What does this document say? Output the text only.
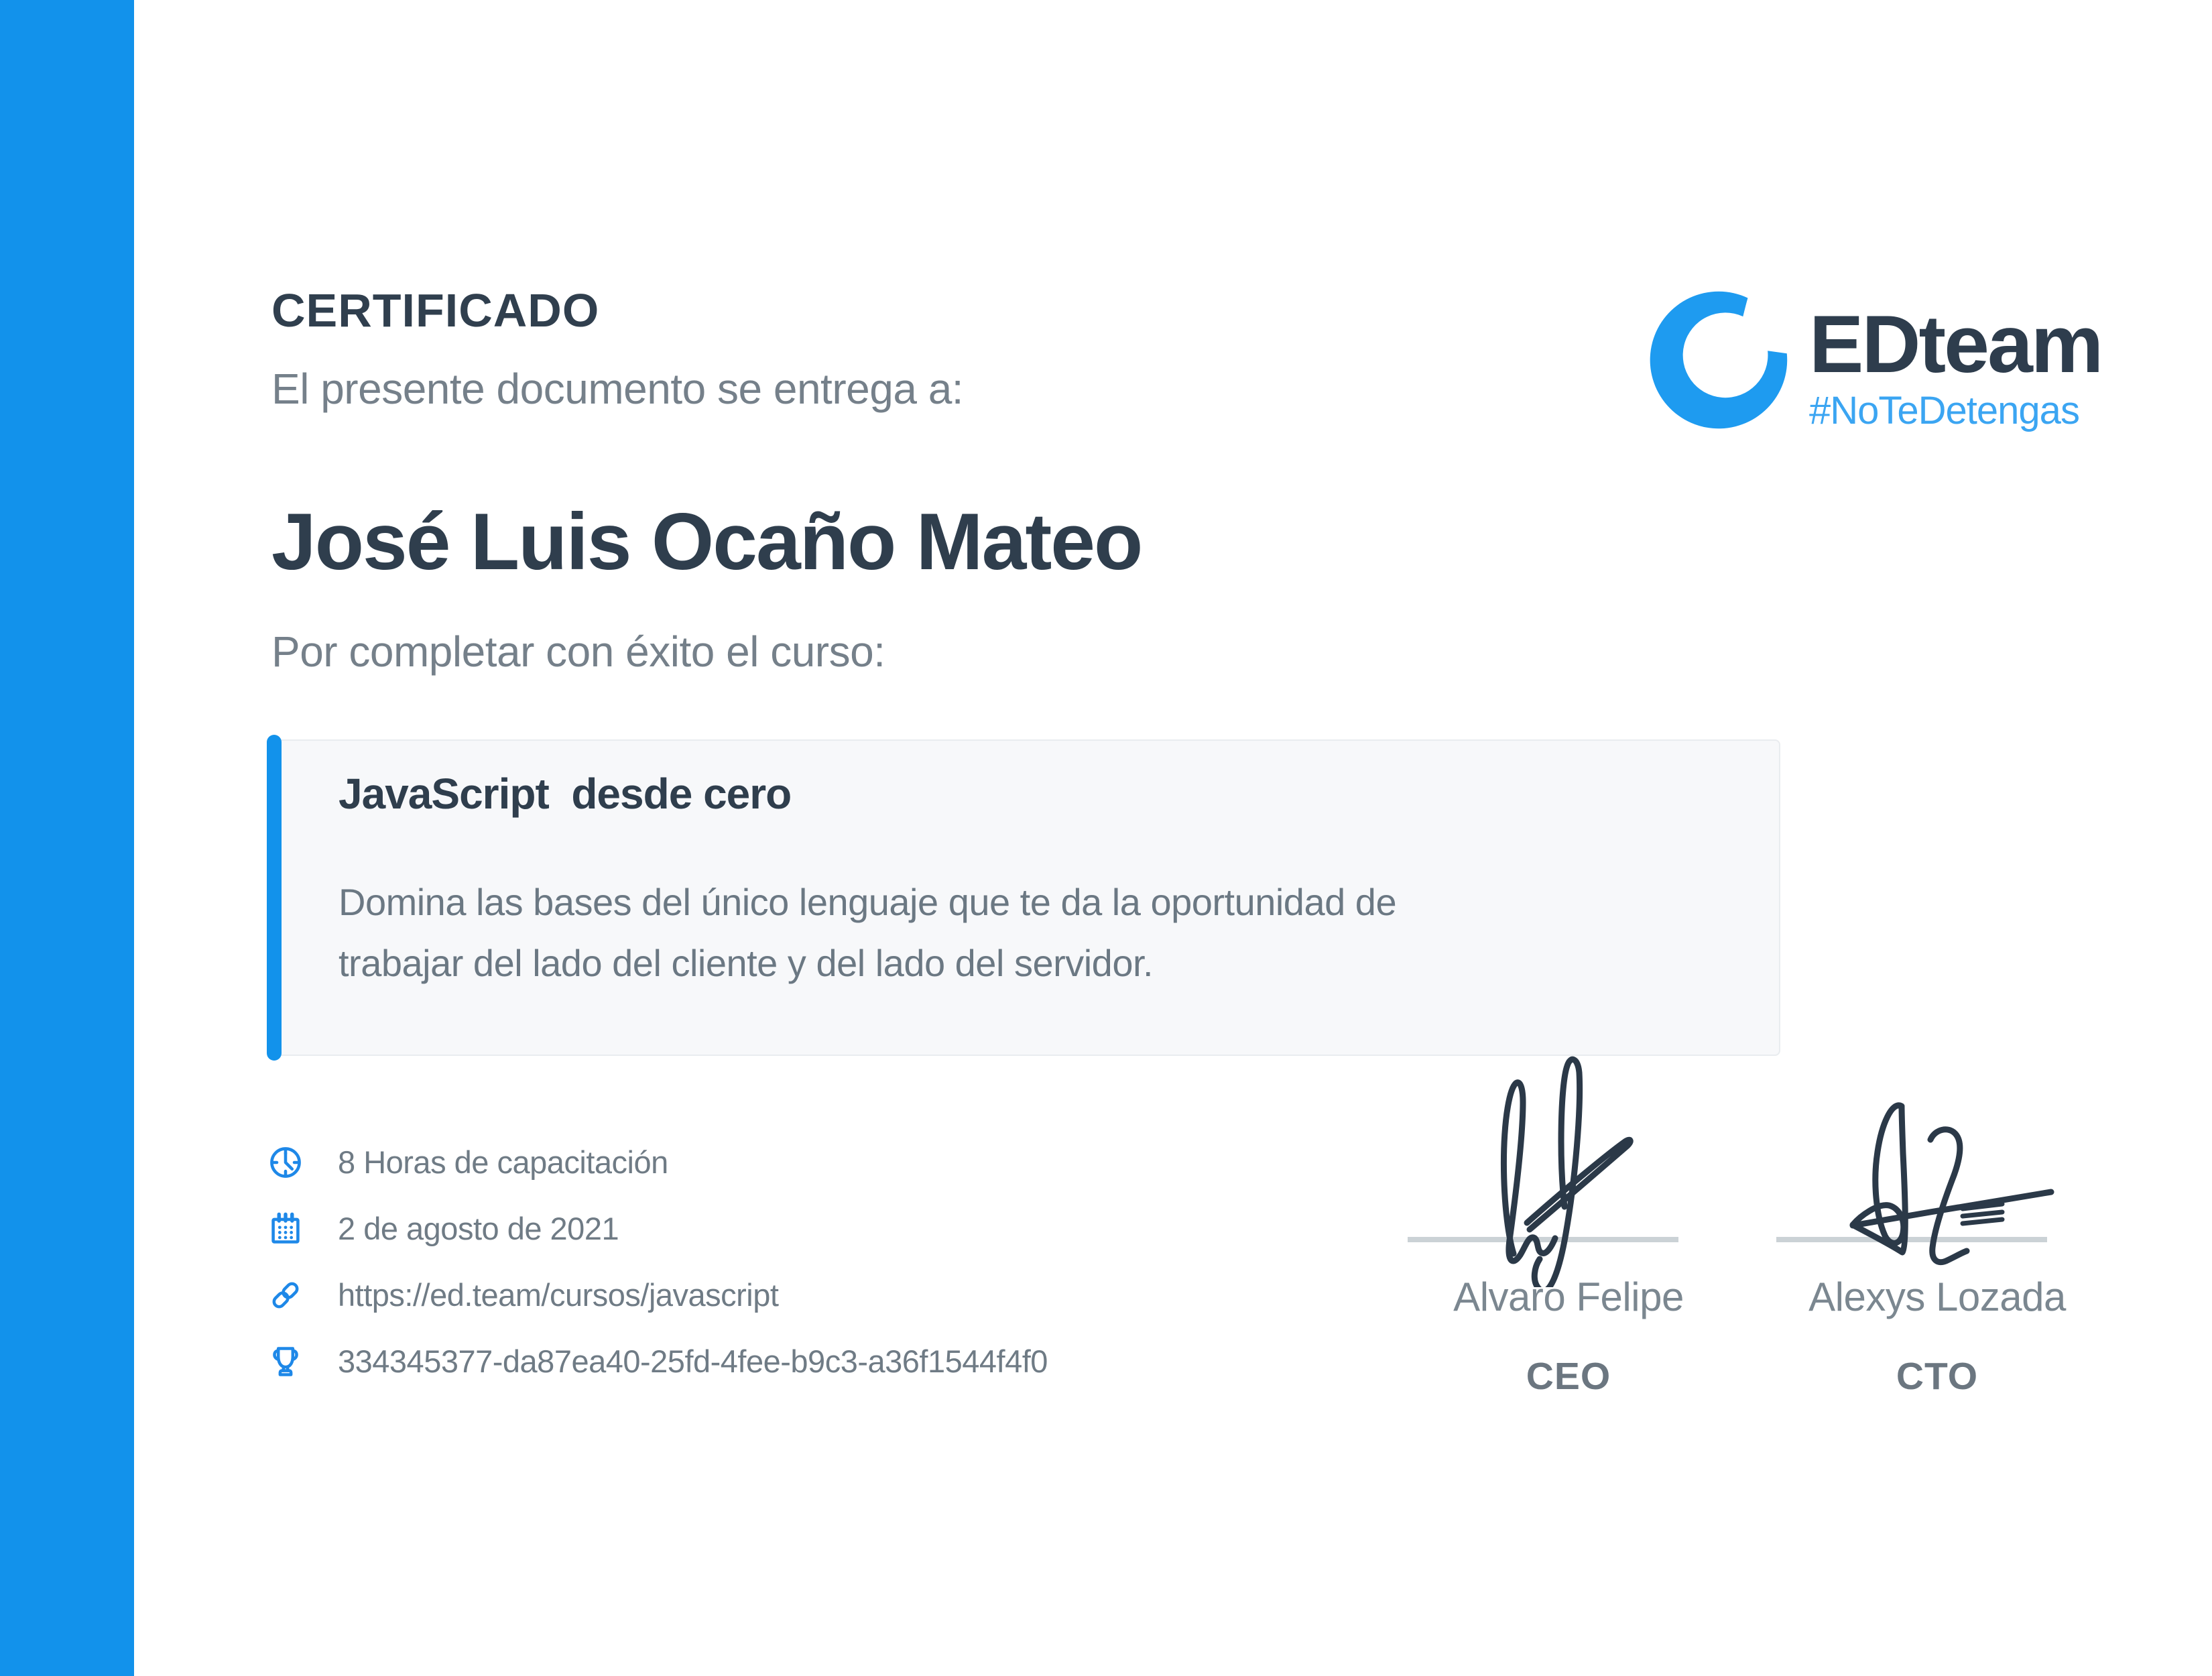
CERTIFICADO
El presente documento se entrega a:	EDteam
#NoTeDetengas
José Luis Ocaño Mateo
Por completar con éxito el curso:
JavaScript  desde cero
Domina las bases del único lenguaje que te da la oportunidad de trabajar del lado del cliente y del lado del servidor.
8 Horas de capacitación
2 de agosto de 2021
https://ed.team/cursos/javascript
334345377-da87ea40-25fd-4fee-b9c3-a36f1544f4f0
Alvaro Felipe
CEO
Alexys Lozada
CTO
